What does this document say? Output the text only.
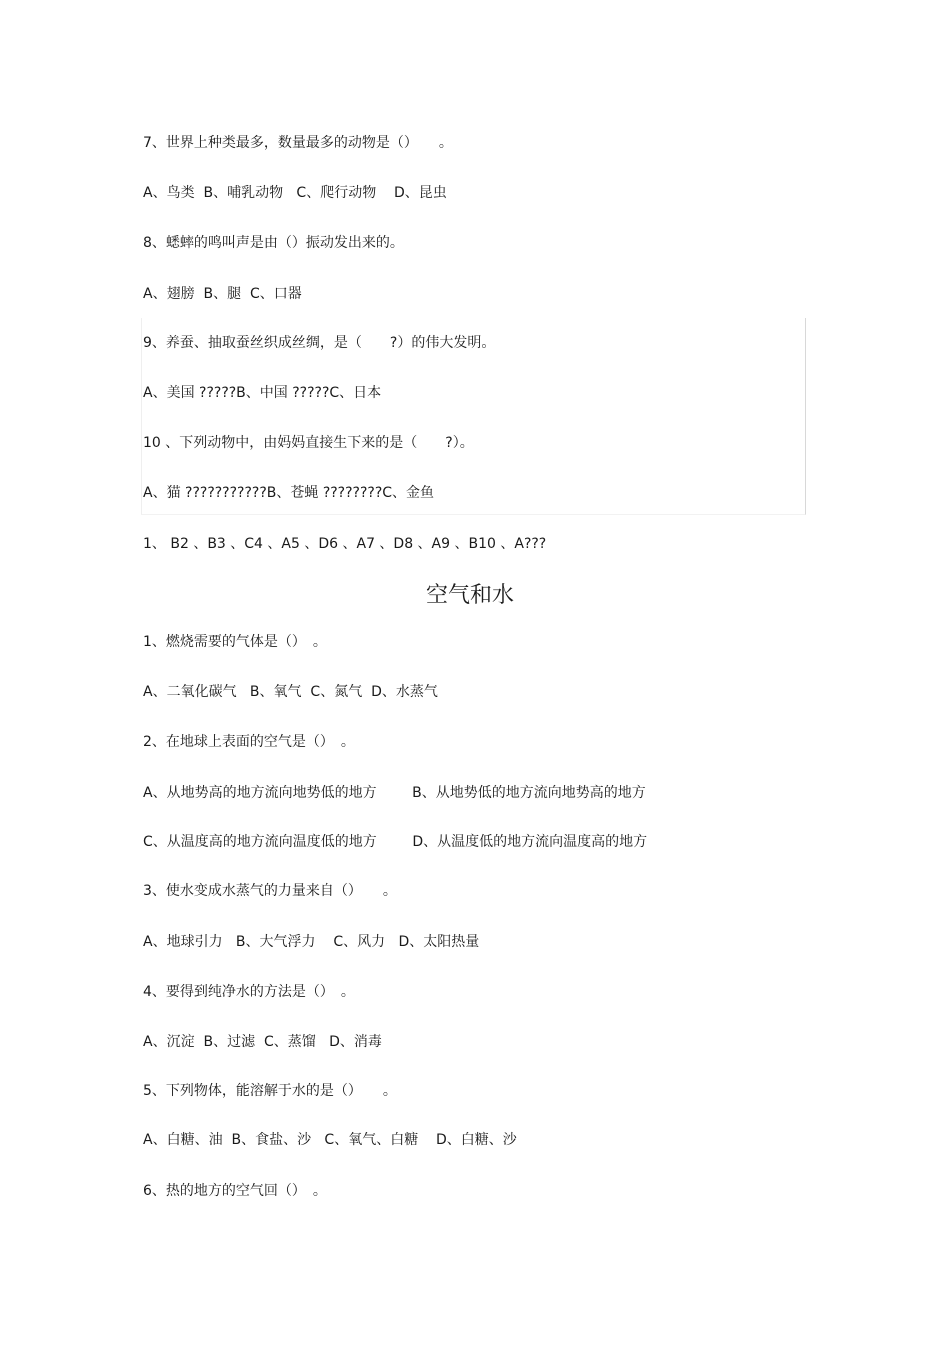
7、世界上种类最多，数量最多的动物是（）　　。
A、鸟类  B、哺乳动物   C、爬行动物    D、昆虫
8、蟋蟀的鸣叫声是由（）振动发出来的。
A、翅膀  B、腿  C、口器
9、养蚕、抽取蚕丝织成丝绸，是（　　?）的伟大发明。
A、美国 ?????B、中国 ?????C、日本
10 、下列动物中，由妈妈直接生下来的是（　　?）。
A、猫 ???????????B、苍蝇 ????????C、金鱼
1、 B2 、B3 、C4 、A5 、D6 、A7 、D8 、A9 、B10 、A???
空气和水
1、燃烧需要的气体是（）　。
A、二氧化碳气   B、氧气  C、氮气  D、水蒸气
2、在地球上表面的空气是（）　。
A、从地势高的地方流向地势低的地方        B、从地势低的地方流向地势高的地方
C、从温度高的地方流向温度低的地方        D、从温度低的地方流向温度高的地方
3、使水变成水蒸气的力量来自（）　　。
A、地球引力   B、大气浮力    C、风力   D、太阳热量
4、要得到纯净水的方法是（）　。
A、沉淀  B、过滤  C、蒸馏   D、消毒
5、下列物体，能溶解于水的是（）　　。
A、白糖、油  B、食盐、沙   C、氧气、白糖    D、白糖、沙
6、热的地方的空气回（）　。
